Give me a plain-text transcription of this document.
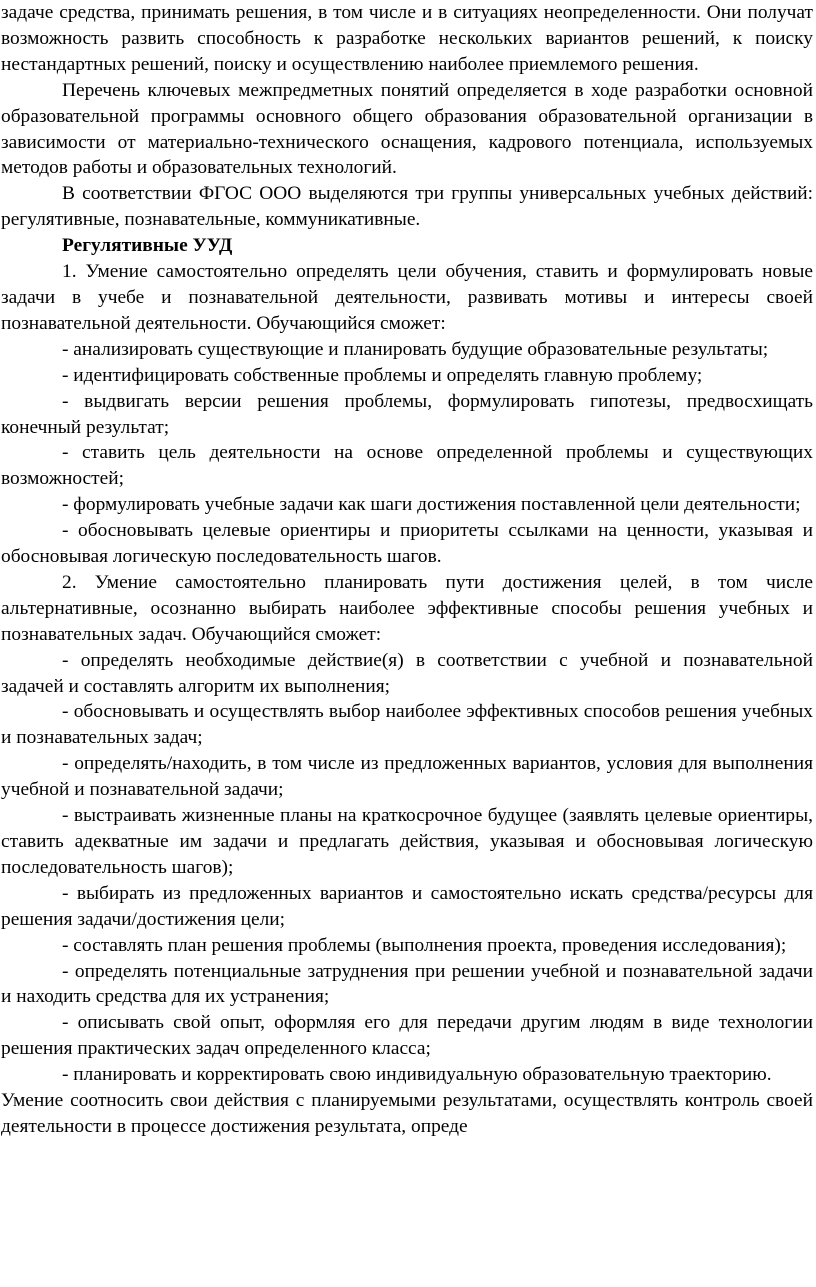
задаче средства, принимать решения, в том числе и в ситуациях неопределенности. Они получат возможность развить способность к разработке нескольких вариантов решений, к поиску нестандартных решений, поиску и осуществлению наиболее приемлемого решения.

Перечень ключевых межпредметных понятий определяется в ходе разработки основной образовательной программы основного общего образования образовательной организации в зависимости от материально-технического оснащения, кадрового потенциала, используемых методов работы и образовательных технологий.

В соответствии ФГОС ООО выделяются три группы универсальных учебных действий: регулятивные, познавательные, коммуникативные.

Регулятивные УУД

1. Умение самостоятельно определять цели обучения, ставить и формулировать новые задачи в учебе и познавательной деятельности, развивать мотивы и интересы своей познавательной деятельности. Обучающийся сможет:

- анализировать существующие и планировать будущие образовательные результаты;

- идентифицировать собственные проблемы и определять главную проблему;

- выдвигать версии решения проблемы, формулировать гипотезы, предвосхищать конечный результат;

- ставить цель деятельности на основе определенной проблемы и существующих возможностей;

- формулировать учебные задачи как шаги достижения поставленной цели деятельности;

- обосновывать целевые ориентиры и приоритеты ссылками на ценности, указывая и обосновывая логическую последовательность шагов.

2. Умение самостоятельно планировать пути достижения целей, в том числе альтернативные, осознанно выбирать наиболее эффективные способы решения учебных и познавательных задач. Обучающийся сможет:

- определять необходимые действие(я) в соответствии с учебной и познавательной задачей и составлять алгоритм их выполнения;

- обосновывать и осуществлять выбор наиболее эффективных способов решения учебных и познавательных задач;

- определять/находить, в том числе из предложенных вариантов, условия для выполнения учебной и познавательной задачи;

- выстраивать жизненные планы на краткосрочное будущее (заявлять целевые ориентиры, ставить адекватные им задачи и предлагать действия, указывая и обосновывая логическую последовательность шагов);

- выбирать из предложенных вариантов и самостоятельно искать средства/ресурсы для решения задачи/достижения цели;

- составлять план решения проблемы (выполнения проекта, проведения исследования);

- определять потенциальные затруднения при решении учебной и познавательной задачи и находить средства для их устранения;

- описывать свой опыт, оформляя его для передачи другим людям в виде технологии решения практических задач определенного класса;

- планировать и корректировать свою индивидуальную образовательную траекторию.

Умение соотносить свои действия с планируемыми результатами, осуществлять контроль своей деятельности в процессе достижения результата, опреде
